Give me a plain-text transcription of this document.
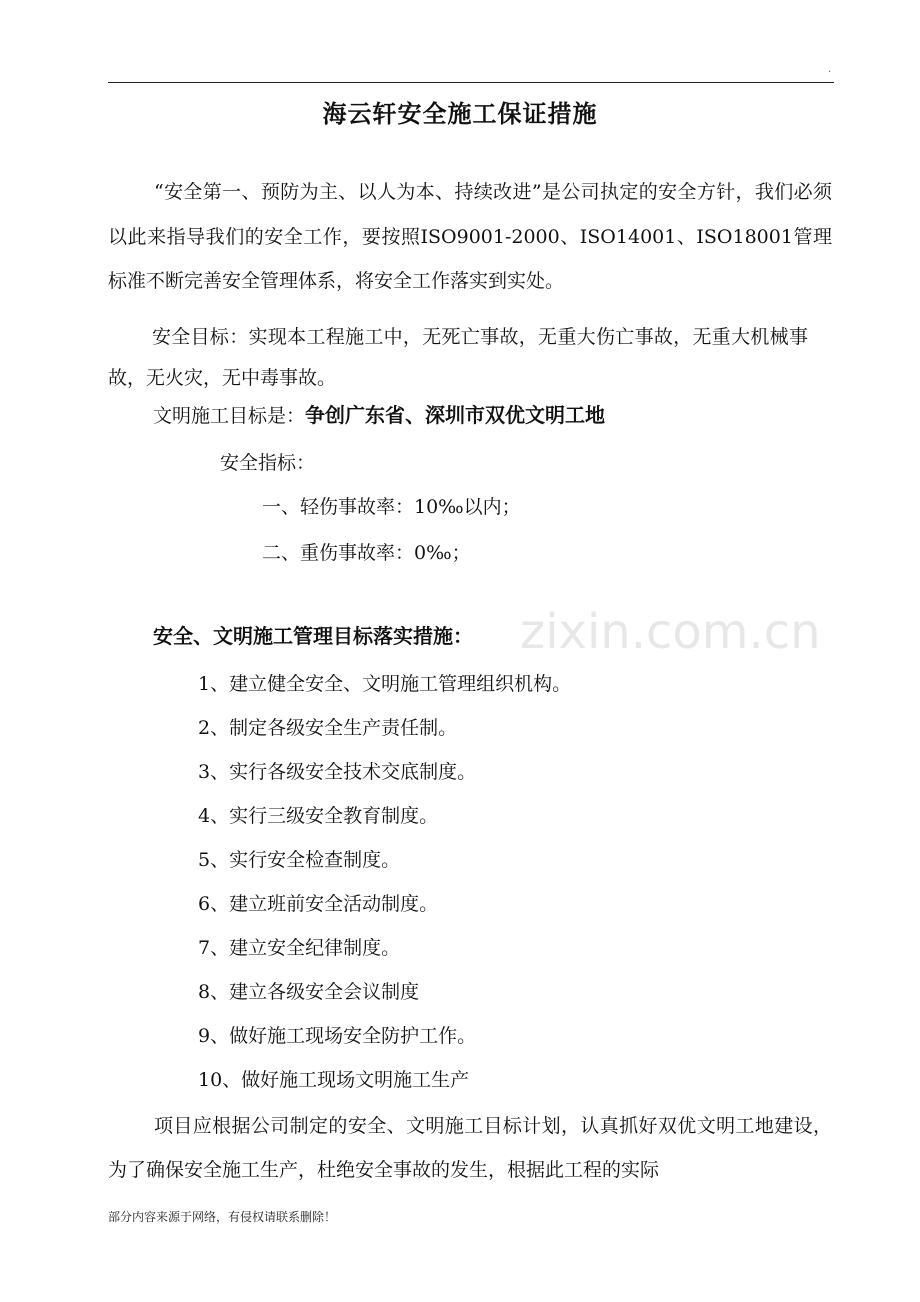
.
海云轩安全施工保证措施
“安全第一、预防为主、以人为本、持续改进”是公司执定的安全方针，我们必须以此来指导我们的安全工作，要按照ISO9001-2000、ISO14001、ISO18001管理标准不断完善安全管理体系，将安全工作落实到实处。
安全目标：实现本工程施工中，无死亡事故，无重大伤亡事故，无重大机械事故，无火灾，无中毒事故。
文明施工目标是：争创广东省、深圳市双优文明工地
安全指标：
一、轻伤事故率：10‰以内；
二、重伤事故率：0‰；
zixin.com.cn
安全、文明施工管理目标落实措施：
1、建立健全安全、文明施工管理组织机构。
2、制定各级安全生产责任制。
3、实行各级安全技术交底制度。
4、实行三级安全教育制度。
5、实行安全检查制度。
6、建立班前安全活动制度。
7、建立安全纪律制度。
8、建立各级安全会议制度
9、做好施工现场安全防护工作。
10、做好施工现场文明施工生产
项目应根据公司制定的安全、文明施工目标计划，认真抓好双优文明工地建设，为了确保安全施工生产，杜绝安全事故的发生，根据此工程的实际
部分内容来源于网络，有侵权请联系删除！
